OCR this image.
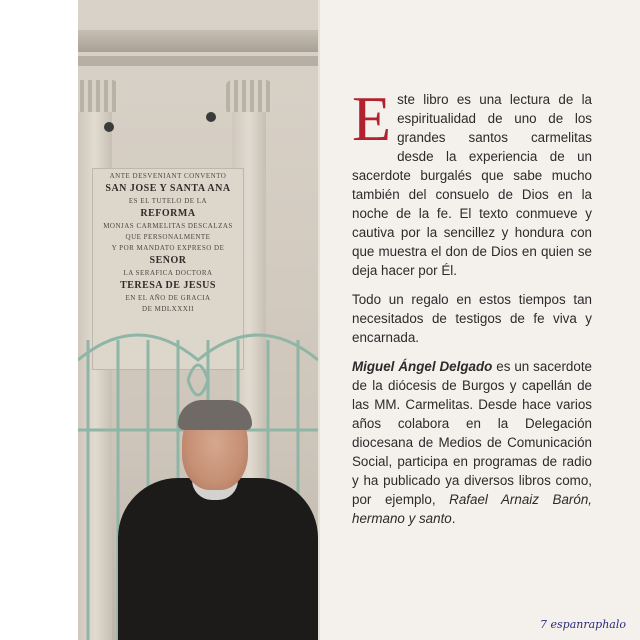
ANTE DESVENIANT CONVENTO
SAN JOSE Y SANTA ANA
ES EL TUTELO DE LA
REFORMA
MONJAS CARMELITAS DESCALZAS
QUE PERSONALMENTE
Y POR MANDATO EXPRESO DE
SEÑOR
LA SERAFICA DOCTORA
TERESA DE JESUS
EN EL AÑO DE GRACIA
DE MDLXXXII

Este libro es una lectura de la espiritualidad de uno de los grandes santos carmelitas desde la experiencia de un sacerdote burgalés que sabe mucho también del consuelo de Dios en la noche de la fe. El texto conmueve y cautiva por la sencillez y hondura con que muestra el don de Dios en quien se deja hacer por Él.

Todo un regalo en estos tiempos tan necesitados de testigos de fe viva y encarnada.

Miguel Ángel Delgado es un sacerdote de la diócesis de Burgos y capellán de las MM. Carmelitas. Desde hace varios años colabora en la Delegación diocesana de Medios de Comunicación Social, participa en programas de radio y ha publicado ya diversos libros como, por ejemplo, Rafael Arnaiz Barón, hermano y santo.

7 espanraphalo
